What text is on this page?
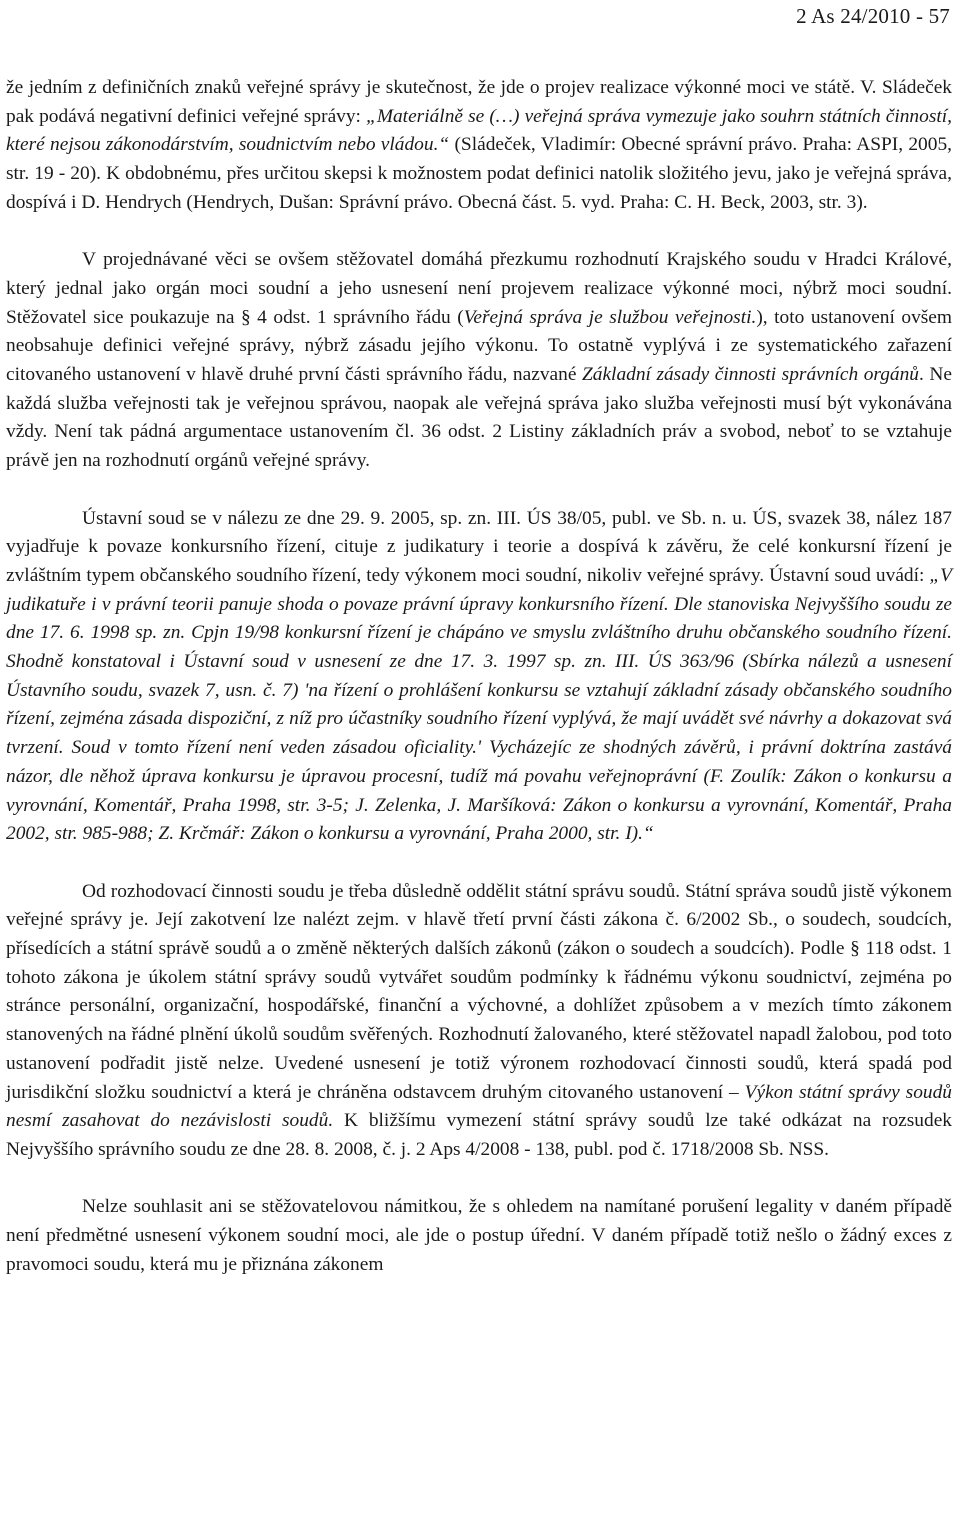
2 As 24/2010 - 57

že jedním z definičních znaků veřejné správy je skutečnost, že jde o projev realizace výkonné moci ve státě. V. Sládeček pak podává negativní definici veřejné správy: „Materiálně se (…) veřejná správa vymezuje jako souhrn státních činností, které nejsou zákonodárstvím, soudnictvím nebo vládou.“ (Sládeček, Vladimír: Obecné správní právo. Praha: ASPI, 2005, str. 19 - 20). K obdobnému, přes určitou skepsi k možnostem podat definici natolik složitého jevu, jako je veřejná správa, dospívá i D. Hendrych (Hendrych, Dušan: Správní právo. Obecná část. 5. vyd. Praha: C. H. Beck, 2003, str. 3).

V projednávané věci se ovšem stěžovatel domáhá přezkumu rozhodnutí Krajského soudu v Hradci Králové, který jednal jako orgán moci soudní a jeho usnesení není projevem realizace výkonné moci, nýbrž moci soudní. Stěžovatel sice poukazuje na § 4 odst. 1 správního řádu (Veřejná správa je službou veřejnosti.), toto ustanovení ovšem neobsahuje definici veřejné správy, nýbrž zásadu jejího výkonu. To ostatně vyplývá i ze systematického zařazení citovaného ustanovení v hlavě druhé první části správního řádu, nazvané Základní zásady činnosti správních orgánů. Ne každá služba veřejnosti tak je veřejnou správou, naopak ale veřejná správa jako služba veřejnosti musí být vykonávána vždy. Není tak pádná argumentace ustanovením čl. 36 odst. 2 Listiny základních práv a svobod, neboť to se vztahuje právě jen na rozhodnutí orgánů veřejné správy.

Ústavní soud se v nálezu ze dne 29. 9. 2005, sp. zn. III. ÚS 38/05, publ. ve Sb. n. u. ÚS, svazek 38, nález 187 vyjadřuje k povaze konkursního řízení, cituje z judikatury i teorie a dospívá k závěru, že celé konkursní řízení je zvláštním typem občanského soudního řízení, tedy výkonem moci soudní, nikoliv veřejné správy. Ústavní soud uvádí: „V judikatuře i v právní teorii panuje shoda o povaze právní úpravy konkursního řízení. Dle stanoviska Nejvyššího soudu ze dne 17. 6. 1998 sp. zn. Cpjn 19/98 konkursní řízení je chápáno ve smyslu zvláštního druhu občanského soudního řízení. Shodně konstatoval i Ústavní soud v usnesení ze dne 17. 3. 1997 sp. zn. III. ÚS 363/96 (Sbírka nálezů a usnesení Ústavního soudu, svazek 7, usn. č. 7) 'na řízení o prohlášení konkursu se vztahují základní zásady občanského soudního řízení, zejména zásada dispoziční, z níž pro účastníky soudního řízení vyplývá, že mají uvádět své návrhy a dokazovat svá tvrzení. Soud v tomto řízení není veden zásadou oficiality.' Vycházejíc ze shodných závěrů, i právní doktrína zastává názor, dle něhož úprava konkursu je úpravou procesní, tudíž má povahu veřejnoprávní (F. Zoulík: Zákon o konkursu a vyrovnání, Komentář, Praha 1998, str. 3-5; J. Zelenka, J. Maršíková: Zákon o konkursu a vyrovnání, Komentář, Praha 2002, str. 985-988; Z. Krčmář: Zákon o konkursu a vyrovnání, Praha 2000, str. I).“

Od rozhodovací činnosti soudu je třeba důsledně oddělit státní správu soudů. Státní správa soudů jistě výkonem veřejné správy je. Její zakotvení lze nalézt zejm. v hlavě třetí první části zákona č. 6/2002 Sb., o soudech, soudcích, přísedících a státní správě soudů a o změně některých dalších zákonů (zákon o soudech a soudcích). Podle § 118 odst. 1 tohoto zákona je úkolem státní správy soudů vytvářet soudům podmínky k řádnému výkonu soudnictví, zejména po stránce personální, organizační, hospodářské, finanční a výchovné, a dohlížet způsobem a v mezích tímto zákonem stanovených na řádné plnění úkolů soudům svěřených. Rozhodnutí žalovaného, které stěžovatel napadl žalobou, pod toto ustanovení podřadit jistě nelze. Uvedené usnesení je totiž výronem rozhodovací činnosti soudů, která spadá pod jurisdikční složku soudnictví a která je chráněna odstavcem druhým citovaného ustanovení – Výkon státní správy soudů nesmí zasahovat do nezávislosti soudů. K bližšímu vymezení státní správy soudů lze také odkázat na rozsudek Nejvyššího správního soudu ze dne 28. 8. 2008, č. j. 2 Aps 4/2008 - 138, publ. pod č. 1718/2008 Sb. NSS.

Nelze souhlasit ani se stěžovatelovou námitkou, že s ohledem na namítané porušení legality v daném případě není předmětné usnesení výkonem soudní moci, ale jde o postup úřední. V daném případě totiž nešlo o žádný exces z pravomoci soudu, která mu je přiznána zákonem
